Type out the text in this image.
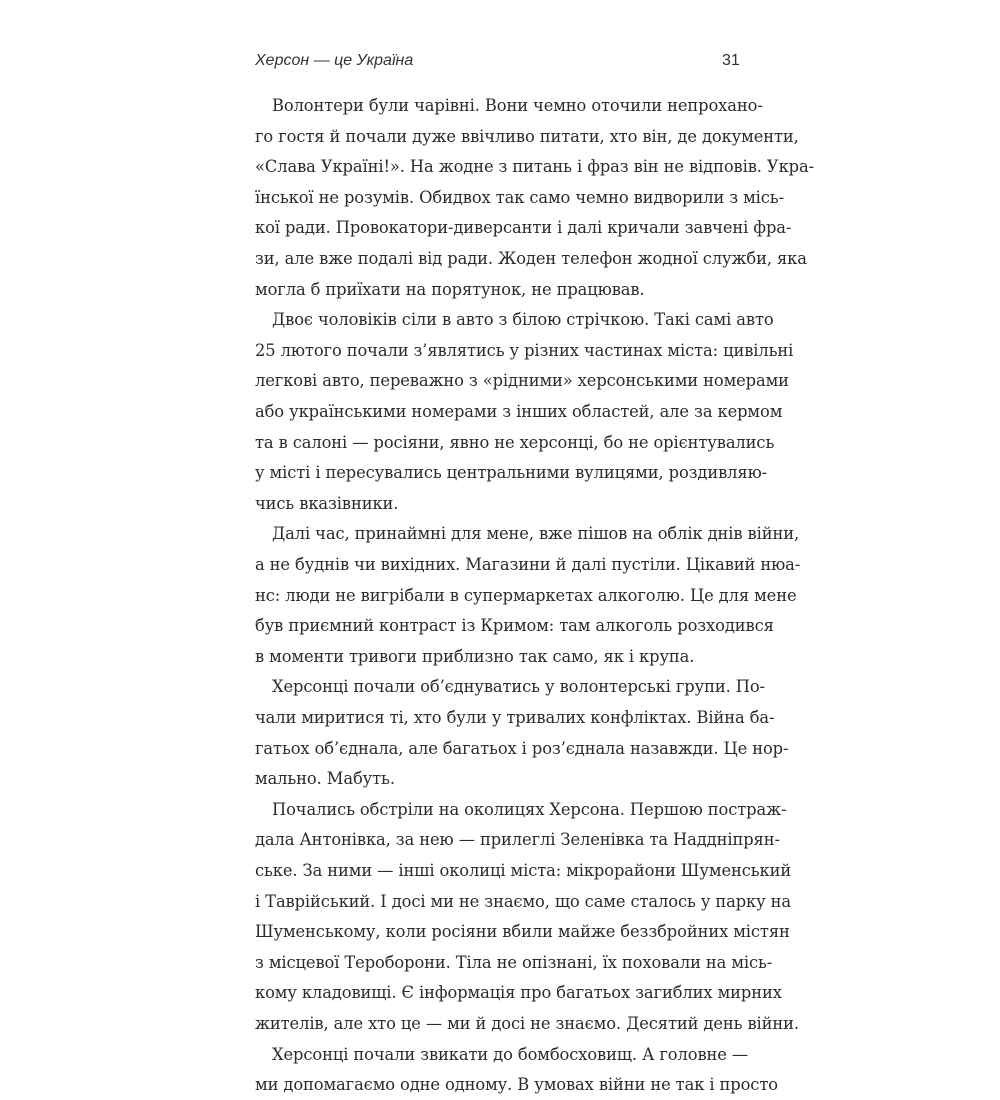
Херсон — це Україна	31
Волонтери були чарівні. Вони чемно оточили непрохано-
го гостя й почали дуже ввічливо питати, хто він, де документи,
«Слава Україні!». На жодне з питань і фраз він не відповів. Укра-
їнської не розумів. Обидвох так само чемно видворили з місь-
кої ради. Провокатори-диверсанти і далі кричали завчені фра-
зи, але вже подалі від ради. Жоден телефон жодної служби, яка
могла б приїхати на порятунок, не працював.
Двоє чоловіків сіли в авто з білою стрічкою. Такі самі авто
25 лютого почали з’являтись у різних частинах міста: цивільні
легкові авто, переважно з «рідними» херсонськими номерами
або українськими номерами з інших областей, але за кермом
та в салоні — росіяни, явно не херсонці, бо не орієнтувались
у місті і пересувались центральними вулицями, роздивляю-
чись вказівники.
Далі час, принаймні для мене, вже пішов на облік днів війни,
а не буднів чи вихідних. Магазини й далі пустіли. Цікавий нюа-
нс: люди не вигрібали в супермаркетах алкоголю. Це для мене
був приємний контраст із Кримом: там алкоголь розходився
в моменти тривоги приблизно так само, як і крупа.
Херсонці почали об’єднуватись у волонтерські групи. По-
чали миритися ті, хто були у тривалих конфліктах. Війна ба-
гатьох об’єднала, але багатьох і роз’єднала назавжди. Це нор-
мально. Мабуть.
Почались обстріли на околицях Херсона. Першою постраж-
дала Антонівка, за нею — прилеглі Зеленівка та Наддніпрян-
ське. За ними — інші околиці міста: мікрорайони Шуменський
і Таврійський. І досі ми не знаємо, що саме сталось у парку на
Шуменському, коли росіяни вбили майже беззбройних містян
з місцевої Тероборони. Тіла не опізнані, їх поховали на місь-
кому кладовищі. Є інформація про багатьох загиблих мирних
жителів, але хто це — ми й досі не знаємо. Десятий день війни.
Херсонці почали звикати до бомбосховищ. А головне —
ми допомагаємо одне одному. В умовах війни не так і просто
